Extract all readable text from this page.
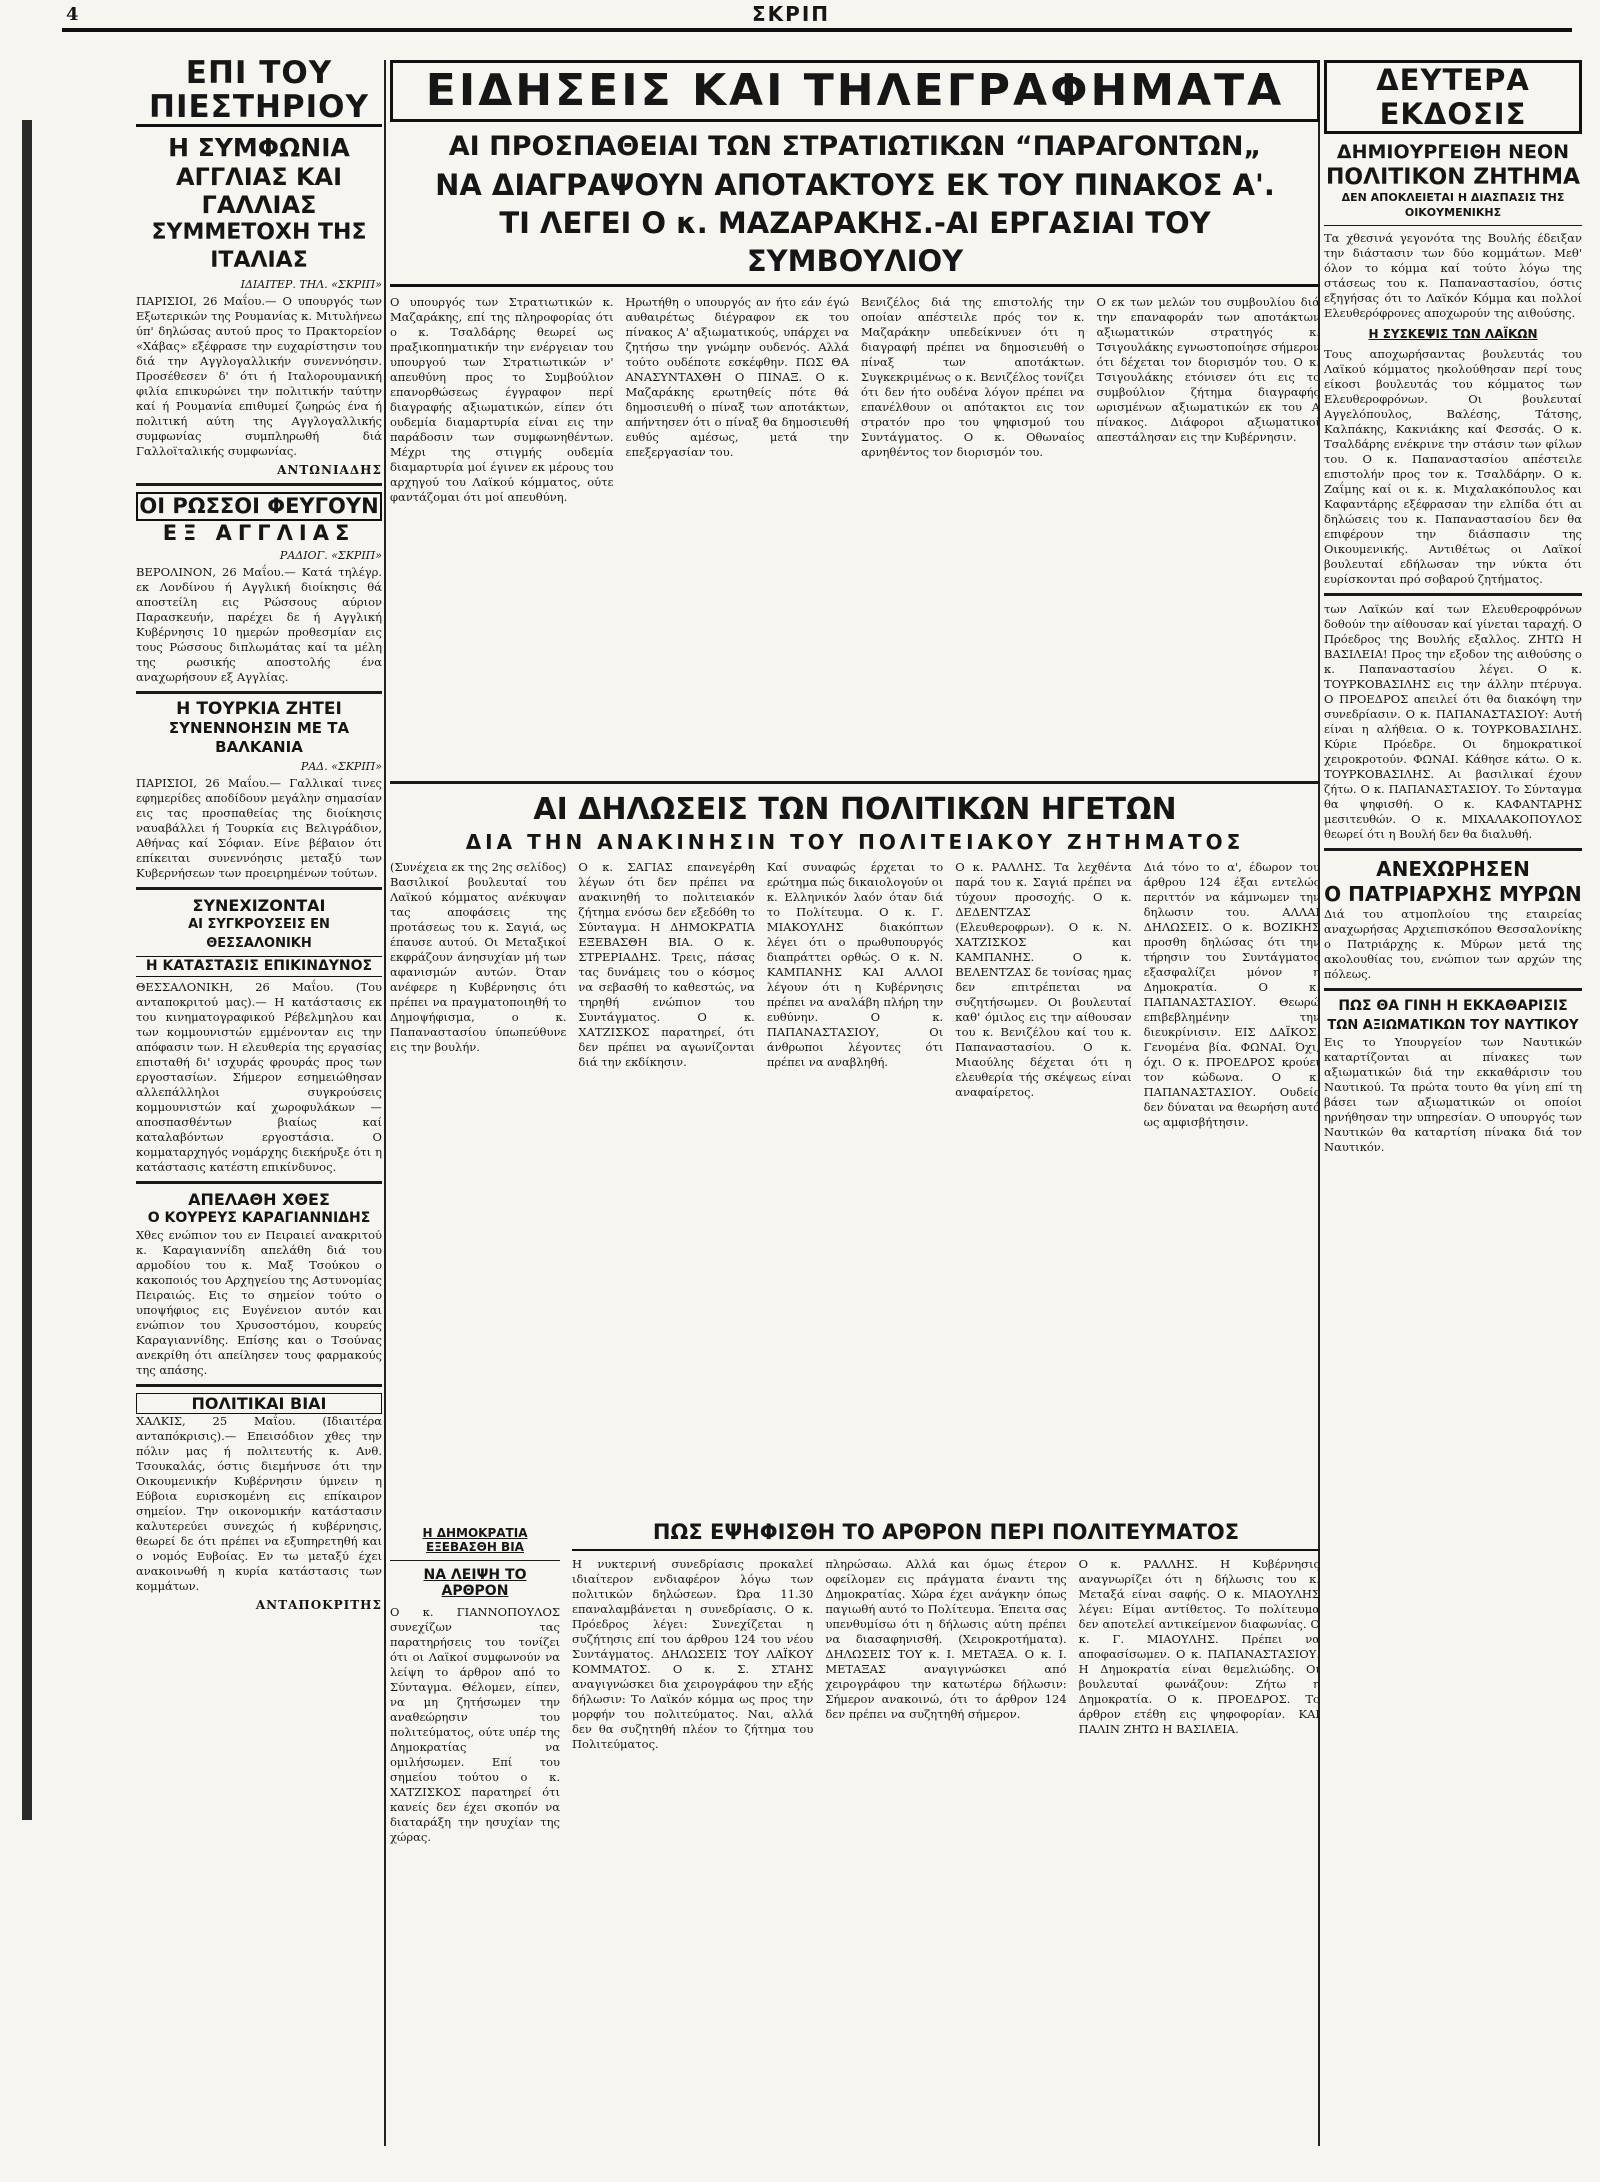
4	ΣΚΡΙΠ
ΕΠΙ ΤΟΥ ΠΙΕΣΤΗΡΙΟΥ
Η ΣΥΜΦΩΝΙΑ
ΑΓΓΛΙΑΣ ΚΑΙ ΓΑΛΛΙΑΣ
ΣΥΜΜΕΤΟΧΗ ΤΗΣ ΙΤΑΛΙΑΣ
ΙΔΙΑΙΤΕΡ. ΤΗΛ. «ΣΚΡΙΠ»
ΠΑΡΙΣΙΟΙ, 26 Μαΐου.— Ο υπουργός των Εξωτερικών της Ρουμανίας κ. Μιτυλήνεω ύπ' δηλώσας αυτού προς το Πρακτορείον «Χάβας» εξέφρασε την ευχαρίστησιν του διά την Αγγλογαλλικήν συνεννόησιν. Προσέθεσεν δ' ότι ή Ιταλορουμανική φιλία επικυρώνει την πολιτικήν ταύτην καί ή Ρουμανία επιθυμεί ζωηρώς ένα ή πολιτική αύτη της Αγγλογαλλικής συμφωνίας συμπληρωθή διά Γαλλοϊταλικής συμφωνίας.
ΑΝΤΩΝΙΑΔΗΣ
ΟΙ ΡΩΣΣΟΙ ΦΕΥΓΟΥΝ
ΕΞ ΑΓΓΛΙΑΣ
ΡΑΔΙΟΓ. «ΣΚΡΙΠ»
ΒΕΡΟΛΙΝΟΝ, 26 Μαΐου.— Κατά τηλέγρ. εκ Λονδίνου ή Αγγλική διοίκησις θά αποστείλη εις Ρώσσους αύριον Παρασκευήν, παρέχει δε ή Αγγλική Κυβέρνησις 10 ημερών προθεσμίαν εις τους Ρώσσους διπλωμάτας καί τα μέλη της ρωσικής αποστολής ένα αναχωρήσουν εξ Αγγλίας.
Η ΤΟΥΡΚΙΑ ΖΗΤΕΙ
ΣΥΝΕΝΝΟΗΣΙΝ ΜΕ ΤΑ ΒΑΛΚΑΝΙΑ
ΡΑΔ. «ΣΚΡΙΠ»
ΠΑΡΙΣΙΟΙ, 26 Μαΐου.— Γαλλικαί τινες εφημερίδες αποδίδουν μεγάλην σημασίαν εις τας προσπαθείας της διοίκησις ναυαβάλλει ή Τουρκία εις Βελιγράδιον, Αθήνας καί Σόφιαν. Είνε βέβαιον ότι επίκειται συνεννόησις μεταξύ των Κυβερνήσεων των προειρημένων τούτων.
ΣΥΝΕΧΙΖΟΝΤΑΙ
ΑΙ ΣΥΓΚΡΟΥΣΕΙΣ ΕΝ ΘΕΣΣΑΛΟΝΙΚΗ
Η ΚΑΤΑΣΤΑΣΙΣ ΕΠΙΚΙΝΔΥΝΟΣ
ΘΕΣΣΑΛΟΝΙΚΗ, 26 Μαΐου. (Του ανταποκριτού μας).— Η κατάστασις εκ του κινηματογραφικού Ρέβελμηλου και των κομμουνιστών εμμένονταν εις την απόφασιν των. Η ελευθερία της εργασίας επισταθή δι' ισχυράς φρουράς προς των εργοστασίων. Σήμερον εσημειώθησαν αλλεπάλληλοι συγκρούσεις κομμουνιστών καί χωροφυλάκων — αποσπασθέντων βιαίως καί καταλαβόντων εργοστάσια. Ο κομματαρχηγός νομάρχης διεκήρυξε ότι η κατάστασις κατέστη επικίνδυνος.
ΑΠΕΛΑΘΗ ΧΘΕΣ
Ο ΚΟΥΡΕΥΣ ΚΑΡΑΓΙΑΝΝΙΔΗΣ
Χθες ενώπιον του εν Πειραιεί ανακριτού κ. Καραγιαννίδη απελάθη διά του αρμοδίου του κ. Μαξ Τσούκου ο κακοποιός του Αρχηγείου της Αστυνομίας Πειραιώς. Εις το σημείον τούτο ο υποψήφιος εις Ευγένειον αυτόν και ενώπιον του Χρυσοστόμου, κουρεύς Καραγιαννίδης. Επίσης και ο Τσούνας ανεκρίθη ότι απείλησεν τους φαρμακούς της απάσης.
ΠΟΛΙΤΙΚΑΙ ΒΙΑΙ
ΧΑΛΚΙΣ, 25 Μαΐου. (Ιδιαιτέρα ανταπόκρισις).— Επεισόδιον χθες την πόλιν μας ή πολιτευτής κ. Ανθ. Τσουκαλάς, όστις διεμήνυσε ότι την Οικουμενικήν Κυβέρνησιν ύμνειν η Εύβοια ευρισκομένη εις επίκαιρον σημείον. Την οικονομικήν κατάστασιν καλυτερεύει συνεχώς ή κυβέρνησις, θεωρεί δε ότι πρέπει να εξυπηρετηθή και ο νομός Ευβοίας. Εν τω μεταξύ έχει ανακοινωθή η κυρία κατάστασις των κομμάτων.
ΑΝΤΑΠΟΚΡΙΤΗΣ
ΕΙΔΗΣΕΙΣ ΚΑΙ ΤΗΛΕΓΡΑΦΗΜΑΤΑ
ΑΙ ΠΡΟΣΠΑΘΕΙΑΙ ΤΩΝ ΣΤΡΑΤΙΩΤΙΚΩΝ “ΠΑΡΑΓΟΝΤΩΝ„
ΝΑ ΔΙΑΓΡΑΨΟΥΝ ΑΠΟΤΑΚΤΟΥΣ ΕΚ ΤΟΥ ΠΙΝΑΚΟΣ Α'.
ΤΙ ΛΕΓΕΙ Ο κ. ΜΑΖΑΡΑΚΗΣ.-ΑΙ ΕΡΓΑΣΙΑΙ ΤΟΥ ΣΥΜΒΟΥΛΙΟΥ
Ο υπουργός των Στρατιωτικών κ. Μαζαράκης, επί της πληροφορίας ότι ο κ. Τσαλδάρης θεωρεί ως πραξικοπηματικήν την ενέργειαν του υπουργού των Στρατιωτικών ν' απευθύνη προς το Συμβούλιον επανορθώσεως έγγραφον περί διαγραφής αξιωματικών, είπεν ότι ουδεμία διαμαρτυρία είναι εις την παράδοσιν των συμφωνηθέντων. Μέχρι της στιγμής ουδεμία διαμαρτυρία μοί έγινεν εκ μέρους του αρχηγού του Λαϊκού κόμματος, ούτε φαντάζομαι ότι μοί απευθύνη.
Ηρωτήθη ο υπουργός αν ήτο εάν έγώ αυθαιρέτως διέγραφον εκ του πίνακος Α' αξιωματικούς, υπάρχει να ζητήσω την γνώμην ουδενός. Αλλά τούτο ουδέποτε εσκέφθην. ΠΩΣ ΘΑ ΑΝΑΣΥΝΤΑΧΘΗ Ο ΠΙΝΑΞ. Ο κ. Μαζαράκης ερωτηθείς πότε θά δημοσιευθή ο πίναξ των αποτάκτων, απήντησεν ότι ο πίναξ θα δημοσιευθή ευθύς αμέσως, μετά την επεξεργασίαν του.
Βενιζέλος διά της επιστολής την οποίαν απέστειλε πρός τον κ. Μαζαράκην υπεδείκνυεν ότι η διαγραφή πρέπει να δημοσιευθή ο πίναξ των αποτάκτων. Συγκεκριμένως ο κ. Βενιζέλος τονίζει ότι δεν ήτο ουδένα λόγον πρέπει να επανέλθουν οι απότακτοι εις τον στρατόν προ του ψηφισμού του Συντάγματος. Ο κ. Οθωναίος αρνηθέντος τον διορισμόν του.
Ο εκ των μελών του συμβουλίου διά την επαναφοράν των αποτάκτων αξιωματικών στρατηγός κ. Τσιγουλάκης εγνωστοποίησε σήμερον ότι δέχεται τον διορισμόν του. Ο κ. Τσιγουλάκης ετόνισεν ότι εις το συμβούλιον ζήτημα διαγραφής ωρισμένων αξιωματικών εκ του Α πίνακος. Διάφοροι αξιωματικοί απεστάλησαν εις την Κυβέρνησιν.
ΑΙ ΔΗΛΩΣΕΙΣ ΤΩΝ ΠΟΛΙΤΙΚΩΝ ΗΓΕΤΩΝ
ΔΙΑ ΤΗΝ ΑΝΑΚΙΝΗΣΙΝ ΤΟΥ ΠΟΛΙΤΕΙΑΚΟΥ ΖΗΤΗΜΑΤΟΣ
(Συνέχεια εκ της 2ης σελίδος) Βασιλικοί βουλευταί του Λαϊκού κόμματος ανέκυψαν τας αποφάσεις της προτάσεως του κ. Σαγιά, ως έπαυσε αυτού. Οι Μεταξικοί εκφράζουν άνησυχίαν μή των αφανισμών αυτών. Όταν ανέφερε η Κυβέρνησις ότι πρέπει να πραγματοποιηθή το Δημοψήφισμα, ο κ. Παπαναστασίου ύπωπεύθυνε εις την βουλήν.
Ο κ. ΣΑΓΙΑΣ επανεγέρθη λέγων ότι δεν πρέπει να ανακινηθή το πολιτειακόν ζήτημα ενόσω δεν εξεδόθη το Σύνταγμα. Η ΔΗΜΟΚΡΑΤΙΑ ΕΞΕΒΑΣΘΗ ΒΙΑ. Ο κ. ΣΤΡΕΡΙΑΔΗΣ. Τρεις, πάσας τας δυνάμεις του ο κόσμος να σεβασθή το καθεστώς, να τηρηθή ενώπιον του Συντάγματος. Ο κ. ΧΑΤΖΙΣΚΟΣ παρατηρεί, ότι δεν πρέπει να αγωνίζονται διά την εκδίκησιν.
Καί συναφώς έρχεται το ερώτημα πώς δικαιολογούν οι κ. Ελληνικόν λαόν όταν διά το Πολίτευμα. Ο κ. Γ. ΜΙΑΚΟΥΛΗΣ διακόπτων λέγει ότι ο πρωθυπουργός διαπράττει ορθώς. Ο κ. Ν. ΚΑΜΠΑΝΗΣ ΚΑΙ ΑΛΛΟΙ λέγουν ότι η Κυβέρνησις πρέπει να αναλάβη πλήρη την ευθύνην. Ο κ. ΠΑΠΑΝΑΣΤΑΣΙΟΥ, Οι άνθρωποι λέγοντες ότι πρέπει να αναβληθή.
Ο κ. ΡΑΛΛΗΣ. Τα λεχθέντα παρά του κ. Σαγιά πρέπει να τύχουν προσοχής. Ο κ. ΔΕΔΕΝΤΖΑΣ (Ελευθεροφρων). Ο κ. Ν. ΧΑΤΖΙΣΚΟΣ και ΚΑΜΠΑΝΗΣ. Ο κ. ΒΕΛΕΝΤΖΑΣ δε τονίσας ημας δεν επιτρέπεται να συζητήσωμεν. Οι βουλευταί καθ' όμιλος εις την αίθουσαν του κ. Βενιζέλου καί του κ. Παπαναστασίου. Ο κ. Μιαούλης δέχεται ότι η ελευθερία τής σκέψεως είναι αναφαίρετος.
Διά τόνο το α', έδωρον του άρθρου 124 έξαι εντελώς περιττόν να κάμνωμεν την δηλωσιν του. ΑΛΛΑΙ ΔΗΛΩΣΕΙΣ. Ο κ. ΒΟΖΙΚΗΣ προσθη δηλώσας ότι την τήρησιν του Συντάγματος εξασφαλίζει μόνον η Δημοκρατία. Ο κ. ΠΑΠΑΝΑΣΤΑΣΙΟΥ. Θεωρώ επιβεβλημένην την διευκρίνισιν. ΕΙΣ ΔΑΪΚΟΣ. Γενομένα βία. ΦΩΝΑΙ. Όχι, όχι. Ο κ. ΠΡΟΕΔΡΟΣ κρούει τον κώδωνα. Ο κ. ΠΑΠΑΝΑΣΤΑΣΙΟΥ. Ουδείς δεν δύναται να θεωρήση αυτό ως αμφισβήτησιν.
Η ΔΗΜΟΚΡΑΤΙΑ ΕΞΕΒΑΣΘΗ ΒΙΑ
ΝΑ ΛΕΙΨΗ ΤΟ ΑΡΘΡΟΝ
Ο κ. ΓΙΑΝΝΟΠΟΥΛΟΣ συνεχίζων τας παρατηρήσεις του τονίζει ότι οι Λαϊκοί συμφωνούν να λείψη το άρθρον από το Σύνταγμα. Θέλομεν, είπεν, να μη ζητήσωμεν την αναθεώρησιν του πολιτεύματος, ούτε υπέρ της Δημοκρατίας να ομιλήσωμεν. Επί του σημείου τούτου ο κ. ΧΑΤΖΙΣΚΟΣ παρατηρεί ότι κανείς δεν έχει σκοπόν να διαταράξη την ησυχίαν της χώρας.
ΠΩΣ ΕΨΗΦΙΣΘΗ ΤΟ ΑΡΘΡΟΝ ΠΕΡΙ ΠΟΛΙΤΕΥΜΑΤΟΣ
Η νυκτερινή συνεδρίασις προκαλεί ιδιαίτερον ενδιαφέρον λόγω των πολιτικών δηλώσεων. Ώρα 11.30 επαναλαμβάνεται η συνεδρίασις. Ο κ. Πρόεδρος λέγει: Συνεχίζεται η συζήτησις επί του άρθρου 124 του νέου Συντάγματος. ΔΗΛΩΣΕΙΣ ΤΟΥ ΛΑΪΚΟΥ ΚΟΜΜΑΤΟΣ. Ο κ. Σ. ΣΤΑΗΣ αναγιγνώσκει δια χειρογράφου την εξής δήλωσιν: Το Λαϊκόν κόμμα ως προς την μορφήν του πολιτεύματος. Ναι, αλλά δεν θα συζητηθή πλέον το ζήτημα του Πολιτεύματος.
πληρώσαω. Αλλά και όμως έτερον οφείλομεν εις πράγματα έναντι της Δημοκρατίας. Χώρα έχει ανάγκην όπως παγιωθή αυτό το Πολίτευμα. Έπειτα σας υπενθυμίσω ότι η δήλωσις αύτη πρέπει να διασαφηνισθή. (Χειροκροτήματα). ΔΗΛΩΣΕΙΣ ΤΟΥ κ. Ι. ΜΕΤΑΞΑ. Ο κ. Ι. ΜΕΤΑΞΑΣ αναγιγνώσκει από χειρογράφου την κατωτέρω δήλωσιν: Σήμερον ανακοινώ, ότι το άρθρον 124 δεν πρέπει να συζητηθή σήμερον.
Ο κ. ΡΑΛΛΗΣ. Η Κυβέρνησις αναγνωρίζει ότι η δήλωσις του κ. Μεταξά είναι σαφής. Ο κ. ΜΙΑΟΥΛΗΣ λέγει: Είμαι αντίθετος. Το πολίτευμα δεν αποτελεί αντικείμενον διαφωνίας. Ο κ. Γ. ΜΙΑΟΥΛΗΣ. Πρέπει να αποφασίσωμεν. Ο κ. ΠΑΠΑΝΑΣΤΑΣΙΟΥ. Η Δημοκρατία είναι θεμελιώδης. Οι βουλευταί φωνάζουν: Ζήτω η Δημοκρατία. Ο κ. ΠΡΟΕΔΡΟΣ. Το άρθρον ετέθη εις ψηφοφορίαν. ΚΑΙ ΠΑΛΙΝ ΖΗΤΩ Η ΒΑΣΙΛΕΙΑ.
ΔΕΥΤΕΡΑ ΕΚΔΟΣΙΣ
ΔΗΜΙΟΥΡΓΕΙΘΗ ΝΕΟΝ
ΠΟΛΙΤΙΚΟΝ ΖΗΤΗΜΑ
ΔΕΝ ΑΠΟΚΛΕΙΕΤΑΙ Η ΔΙΑΣΠΑΣΙΣ ΤΗΣ ΟΙΚΟΥΜΕΝΙΚΗΣ
Τα χθεσινά γεγονότα της Βουλής έδειξαν την διάστασιν των δύο κομμάτων. Μεθ' όλον το κόμμα καί τούτο λόγω της στάσεως του κ. Παπαναστασίου, όστις εξηγήσας ότι το Λαϊκόν Κόμμα και πολλοί Ελευθερόφρονες αποχωρούν της αιθούσης.
Η ΣΥΣΚΕΨΙΣ ΤΩΝ ΛΑΪΚΩΝ
Τους αποχωρήσαντας βουλευτάς του Λαϊκού κόμματος ηκολούθησαν περί τους είκοσι βουλευτάς του κόμματος των Ελευθεροφρόνων. Οι βουλευταί Αγγελόπουλος, Βαλέσης, Τάτσης, Καλπάκης, Κακνιάκης καί Φεσσάς. Ο κ. Τσαλδάρης ενέκρινε την στάσιν των φίλων του. Ο κ. Παπαναστασίου απέστειλε επιστολήν προς τον κ. Τσαλδάρην. Ο κ. Ζαΐμης καί οι κ. κ. Μιχαλακόπουλος και Καφαντάρης εξέφρασαν την ελπίδα ότι αι δηλώσεις του κ. Παπαναστασίου δεν θα επιφέρουν την διάσπασιν της Οικουμενικής. Αντιθέτως οι Λαϊκοί βουλευταί εδήλωσαν την νύκτα ότι ευρίσκονται πρό σοβαρού ζητήματος.
των Λαϊκών καί των Ελευθεροφρόνων δοθούν την αίθουσαν καί γίνεται ταραχή. Ο Πρόεδρος της Βουλής εξαλλος. ΖΗΤΩ Η ΒΑΣΙΛΕΙΑ! Προς την εξοδον της αιθούσης ο κ. Παπαναστασίου λέγει. Ο κ. ΤΟΥΡΚΟΒΑΣΙΛΗΣ εις την άλλην πτέρυγα. Ο ΠΡΟΕΔΡΟΣ απειλεί ότι θα διακόψη την συνεδρίασιν. Ο κ. ΠΑΠΑΝΑΣΤΑΣΙΟΥ: Αυτή είναι η αλήθεια. Ο κ. ΤΟΥΡΚΟΒΑΣΙΛΗΣ. Κύριε Πρόεδρε. Οι δημοκρατικοί χειροκροτούν. ΦΩΝΑΙ. Κάθησε κάτω. Ο κ. ΤΟΥΡΚΟΒΑΣΙΛΗΣ. Αι βασιλικαί έχουν ζήτω. Ο κ. ΠΑΠΑΝΑΣΤΑΣΙΟΥ. Το Σύνταγμα θα ψηφισθή. Ο κ. ΚΑΦΑΝΤΑΡΗΣ μεσιτευθών. Ο κ. ΜΙΧΑΛΑΚΟΠΟΥΛΟΣ θεωρεί ότι η Βουλή δεν θα διαλυθή.
ΑΝΕΧΩΡΗΣΕΝ
Ο ΠΑΤΡΙΑΡΧΗΣ ΜΥΡΩΝ
Διά του ατμοπλοίου της εταιρείας αναχωρήσας Αρχιεπισκόπου Θεσσαλονίκης ο Πατριάρχης κ. Μύρων μετά της ακολουθίας του, ενώπιον των αρχών της πόλεως.
ΠΩΣ ΘΑ ΓΙΝΗ Η ΕΚΚΑΘΑΡΙΣΙΣ
ΤΩΝ ΑΞΙΩΜΑΤΙΚΩΝ ΤΟΥ ΝΑΥΤΙΚΟΥ
Εις το Υπουργείον των Ναυτικών καταρτίζονται αι πίνακες των αξιωματικών διά την εκκαθάρισιν του Ναυτικού. Τα πρώτα τουτο θα γίνη επί τη βάσει των αξιωματικών οι οποίοι ηρνήθησαν την υπηρεσίαν. Ο υπουργός των Ναυτικών θα καταρτίση πίνακα διά τον Ναυτικόν.
